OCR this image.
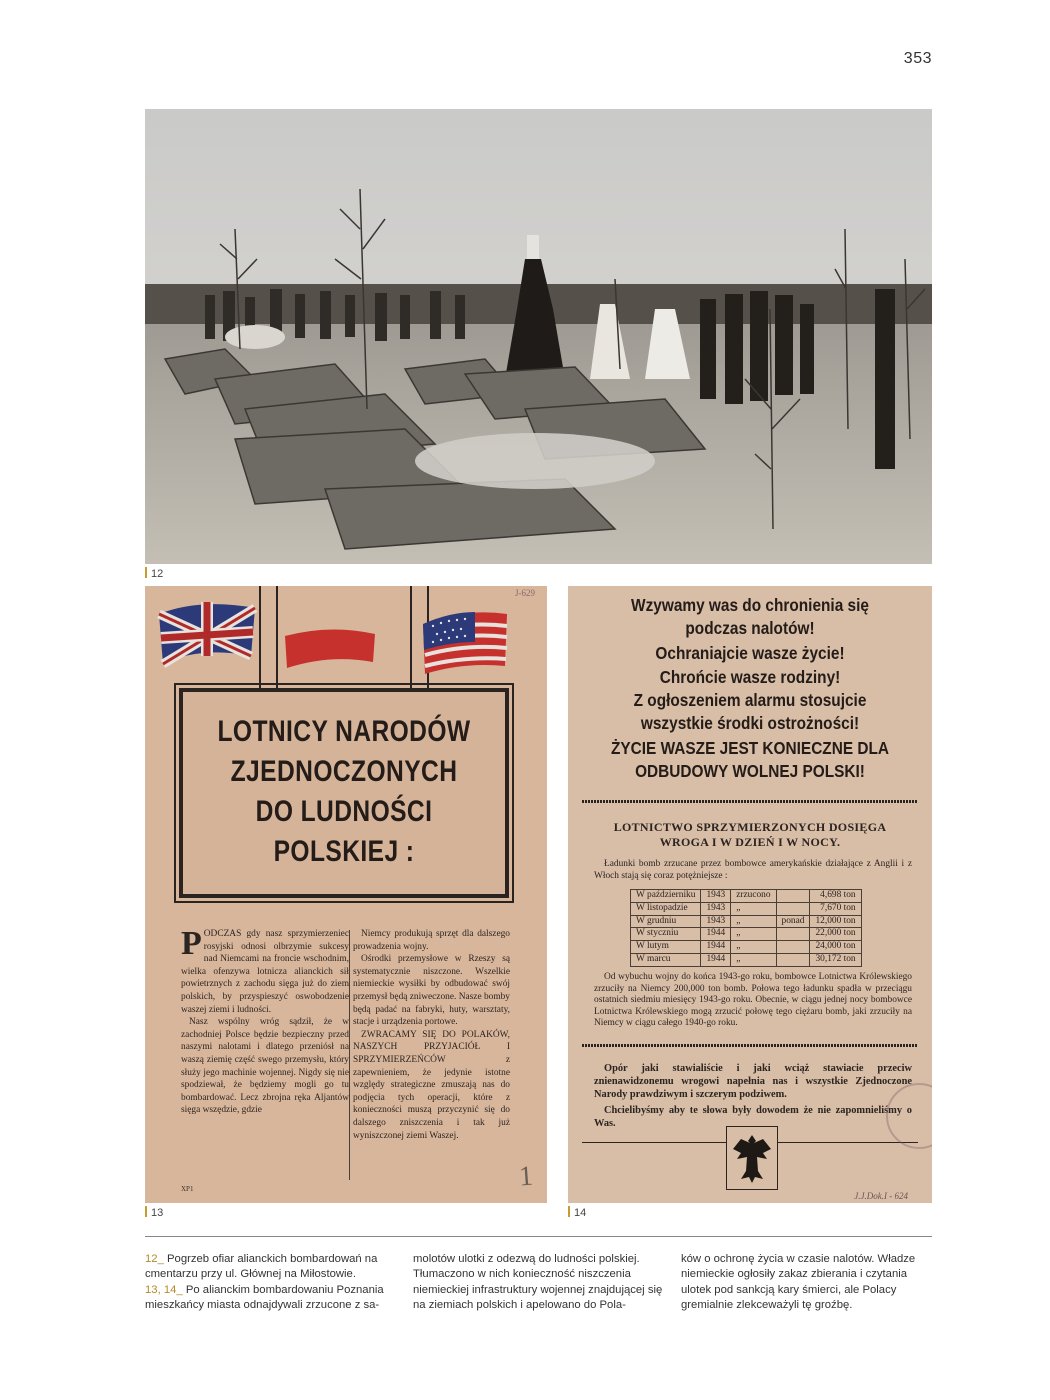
353
12
J-629
LOTNICY NARODÓW
ZJEDNOCZONYCH
DO LUDNOŚCI
POLSKIEJ :

PODCZAS gdy nasz sprzymierzeniec rosyjski odnosi olbrzymie sukcesy nad Niemcami na froncie wschodnim, wielka ofenzywa lotnicza alianckich sił powietrznych z zachodu sięga już do ziem polskich, by przyspieszyć oswobodzenie waszej ziemi i ludności.

Nasz wspólny wróg sądził, że w zachodniej Polsce będzie bezpieczny przed naszymi nalotami i dlatego przeniósł na waszą ziemię część swego przemysłu, który służy jego machinie wojennej. Nigdy się nie spodziewał, że będziemy mogli go tu bombardować. Lecz zbrojna ręka Aljantów sięga wszędzie, gdzie

Niemcy produkują sprzęt dla dalszego prowadzenia wojny.

Ośrodki przemysłowe w Rzeszy są systematycznie niszczone. Wszelkie niemieckie wysiłki by odbudować swój przemysł będą zniweczone. Nasze bomby będą padać na fabryki, huty, warsztaty, stacje i urządzenia portowe.

ZWRACAMY SIĘ DO POLAKÓW, NASZYCH PRZYJACIÓŁ I SPRZYMIERZEŃCÓW z zapewnieniem, że jedynie istotne względy strategiczne zmuszają nas do podjęcia tych operacji, które z konieczności muszą przyczynić się do dalszego zniszczenia i tak już wyniszczonej ziemi Waszej.

XP1	1
13
Wzywamy was do chronienia się
podczas nalotów!
Ochraniajcie wasze życie!
Chrońcie wasze rodziny!
Z ogłoszeniem alarmu stosujcie
wszystkie środki ostrożności!
ŻYCIE WASZE JEST KONIECZNE DLA
ODBUDOWY WOLNEJ POLSKI!
LOTNICTWO SPRZYMIERZONYCH DOSIĘGA
WROGA I W DZIEŃ I W NOCY.
Ładunki bomb zrzucane przez bombowce amerykańskie działające z Anglii i z Włoch stają się coraz potężniejsze :
W październiku	1943	zrzucono		4,698 ton
W listopadzie	1943	„		7,670 ton
W grudniu	1943	„	ponad	12,000 ton
W styczniu	1944	„		22,000 ton
W lutym	1944	„		24,000 ton
W marcu	1944	„		30,172 ton
Od wybuchu wojny do końca 1943-go roku, bombowce Lotnictwa Królewskiego zrzuciły na Niemcy 200,000 ton bomb. Połowa tego ładunku spadła w przeciągu ostatnich siedmiu miesięcy 1943-go roku. Obecnie, w ciągu jednej nocy bombowce Lotnictwa Królewskiego mogą zrzucić połowę tego ciężaru bomb, jaki zrzuciły na Niemcy w ciągu całego 1940-go roku.
Opór jaki stawialiście i jaki wciąż stawiacie przeciw znienawidzonemu wrogowi napełnia nas i wszystkie Zjednoczone Narody prawdziwym i szczerym podziwem.
Chcielibyśmy aby te słowa były dowodem że nie zapomnieliśmy o Was.
J.J.Dok.I - 624
14
12_ Pogrzeb ofiar alianckich bombardowań na cmentarzu przy ul. Głównej na Miłostowie.
13, 14_ Po alianckim bombardowaniu Poznania mieszkańcy miasta odnajdywali zrzucone z sa-
molotów ulotki z odezwą do ludności polskiej. Tłumaczono w nich konieczność niszczenia niemieckiej infrastruktury wojennej znajdującej się na ziemiach polskich i apelowano do Pola-
ków o ochronę życia w czasie nalotów. Władze niemieckie ogłosiły zakaz zbierania i czytania ulotek pod sankcją kary śmierci, ale Polacy gremialnie zlekceważyli tę groźbę.
